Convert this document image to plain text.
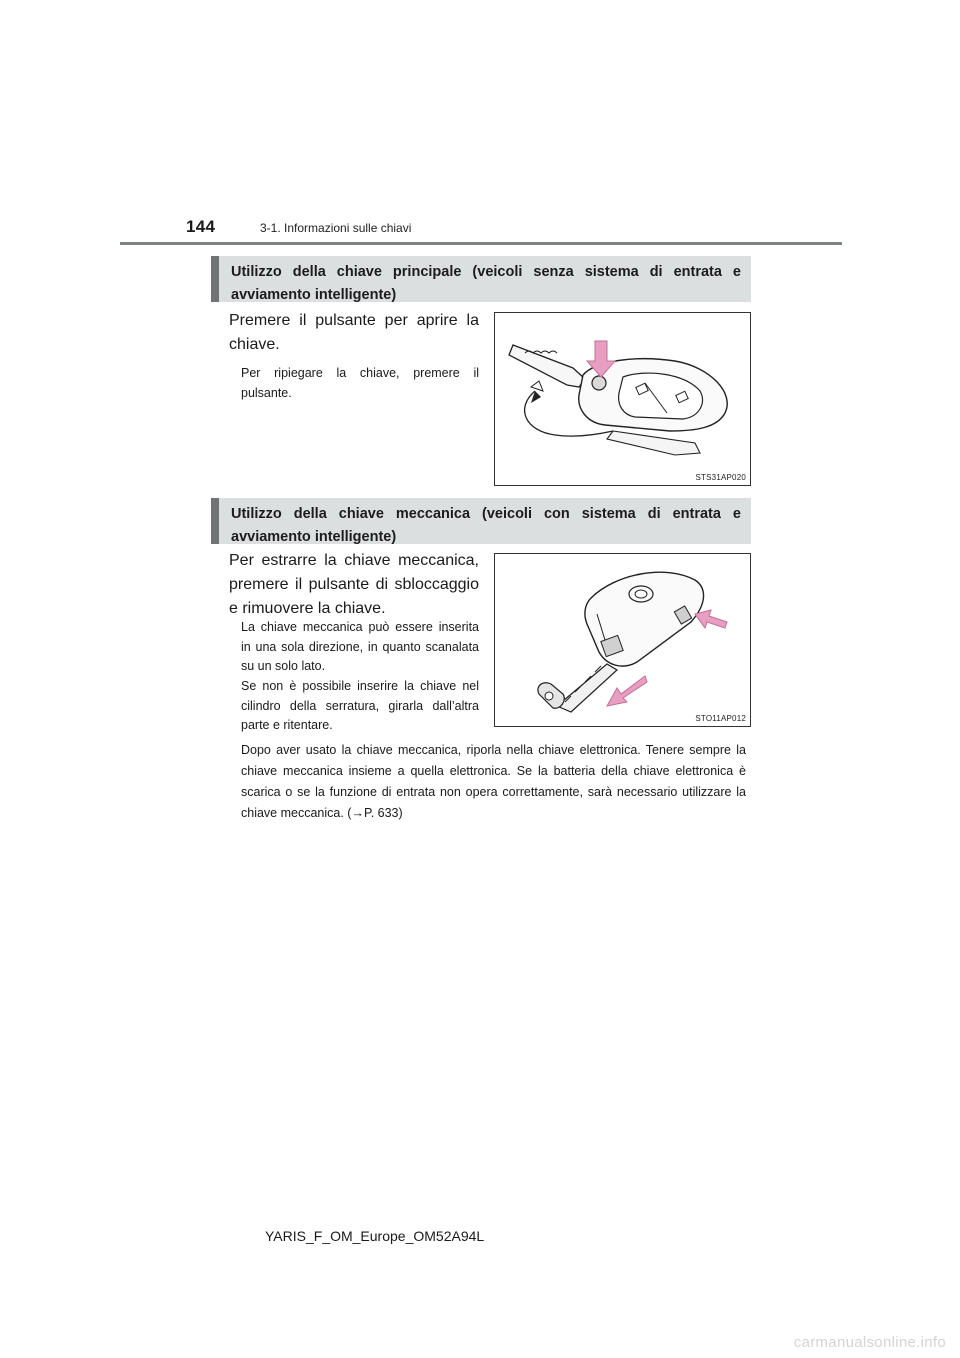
144	3-1. Informazioni sulle chiavi
Utilizzo della chiave principale (veicoli senza sistema di entrata e avviamento intelligente)
Premere il pulsante per aprire la chiave.
Per ripiegare la chiave, premere il pulsante.
STS31AP020
Utilizzo della chiave meccanica (veicoli con sistema di entrata e avviamento intelligente)
Per estrarre la chiave meccanica, premere il pulsante di sbloccaggio e rimuovere la chiave.
La chiave meccanica può essere inserita in una sola direzione, in quanto scanalata su un solo lato.
Se non è possibile inserire la chiave nel cilindro della serratura, girarla dall’altra parte e ritentare.	STO11AP012
Dopo aver usato la chiave meccanica, riporla nella chiave elettronica. Tenere sempre la chiave meccanica insieme a quella elettronica. Se la batteria della chiave elettronica è scarica o se la funzione di entrata non opera correttamente, sarà necessario utilizzare la chiave meccanica. (→P. 633)
YARIS_F_OM_Europe_OM52A94L
carmanualsonline.info
